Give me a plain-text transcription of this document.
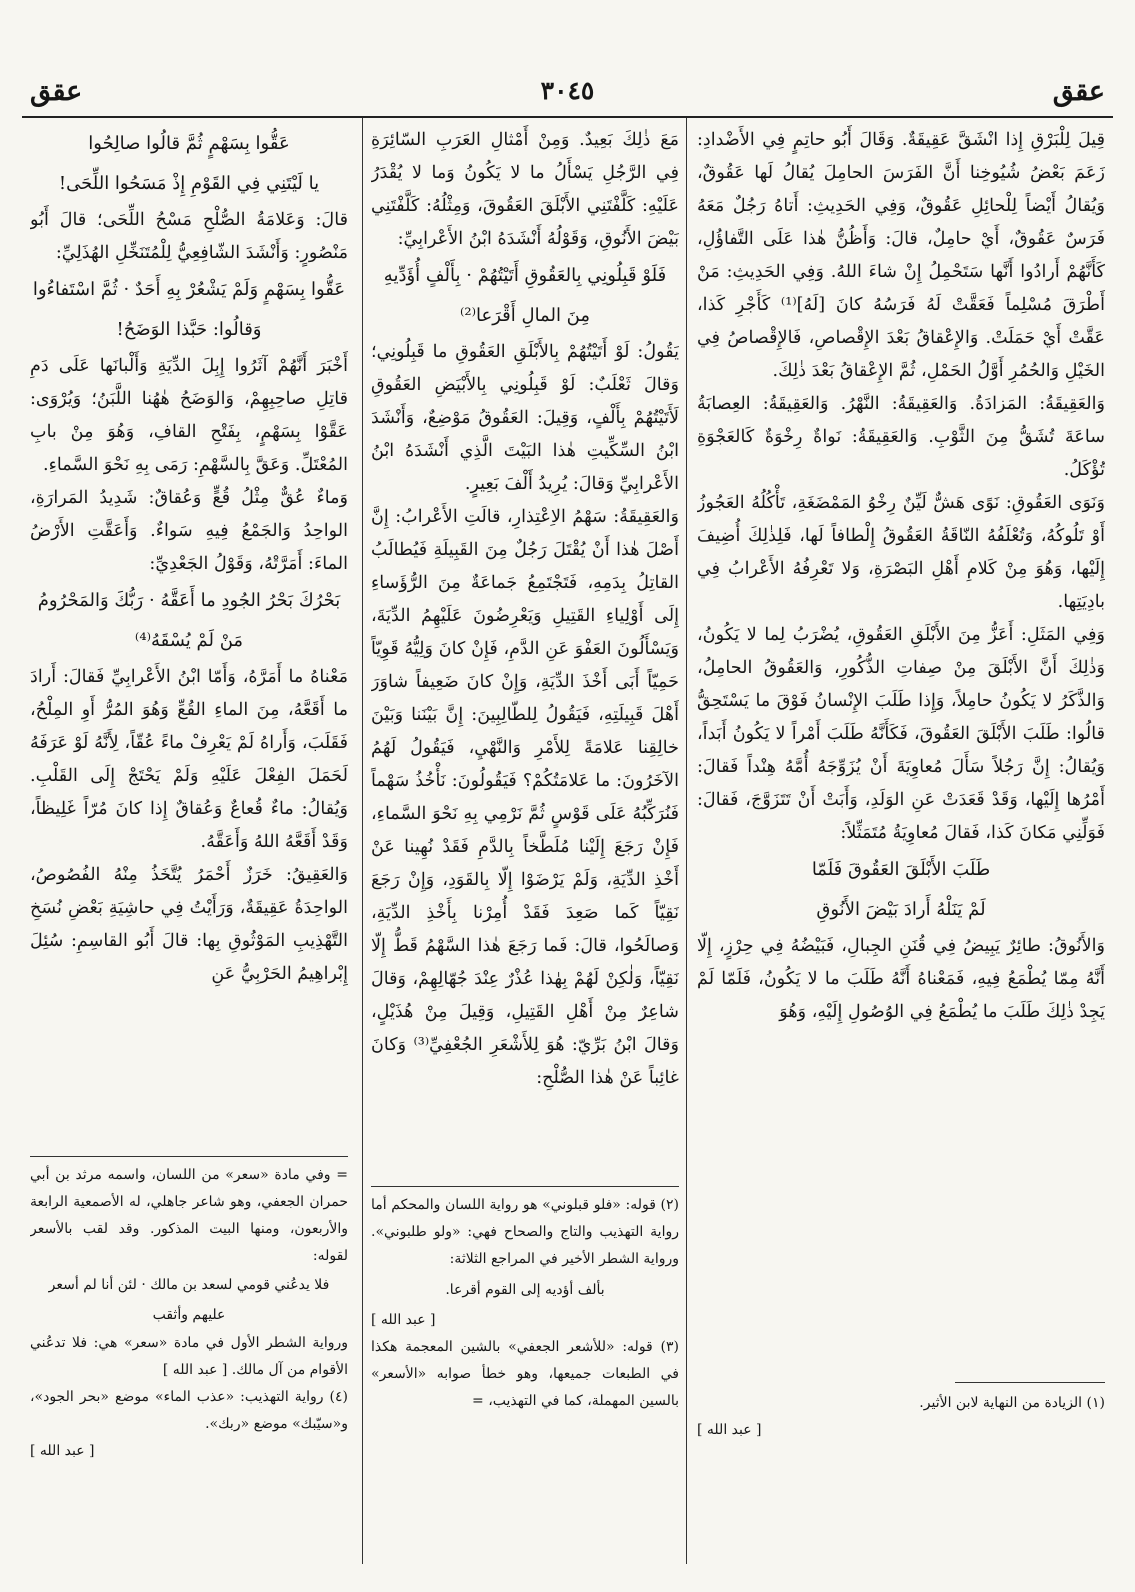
عقق
٣٠٤٥
عقق

قِيلَ لِلْبَرْقِ إِذا انْشَقَّ عَقِيقَةٌ. وَقَالَ أَبُو حاتِمٍ فِي الأَضْدادِ: زَعَمَ بَعْضُ شُيُوخِنا أَنَّ الفَرَسَ الحامِلَ يُقالُ لَها عَقُوقٌ، وَيُقالُ أَيْضاً لِلْحائِلِ عَقُوقٌ، وَفِي الحَدِيثِ: أَتاهُ رَجُلٌ مَعَهُ فَرَسٌ عَقُوقٌ، أَيْ حامِلٌ، قالَ: وَأَظُنُّ هٰذا عَلَى التَّفاؤُلِ، كَأَنَّهُمْ أَرادُوا أَنَّها سَتَحْمِلُ إِنْ شاءَ اللهُ. وَفِي الحَدِيثِ: مَنْ أَطْرَقَ مُسْلِماً فَعَقَّتْ لَهُ فَرَسُهُ كانَ [لَهُ]⁽¹⁾ كَأَجْرِ كَذا، عَقَّتْ أَيْ حَمَلَتْ. وَالإِعْقاقُ بَعْدَ الإِقْصاصِ، فَالإِقْصاصُ فِي الخَيْلِ وَالحُمُرِ أَوَّلُ الحَمْلِ، ثُمَّ الإِعْقاقُ بَعْدَ ذٰلِكَ.

وَالعَقِيقَةُ: المَزادَةُ. وَالعَقِيقَةُ: النَّهْرُ. وَالعَقِيقَةُ: العِصابَةُ ساعَةَ تُشَقُّ مِنَ الثَّوْبِ. وَالعَقِيقَةُ: نَواةٌ رِخْوَةٌ كَالعَجْوَةِ تُؤْكَلُ.

وَنَوَى العَقُوقِ: نَوًى هَشٌّ لَيِّنٌ رِخْوُ المَمْضَغَةِ، تَأْكُلُهُ العَجُوزُ أَوْ تَلُوكُهُ، وَتُعْلَفُهُ النّاقَةُ العَقُوقُ إِلْطافاً لَها، فَلِذٰلِكَ أُضِيفَ إِلَيْها، وَهُوَ مِنْ كَلامِ أَهْلِ البَصْرَةِ، وَلا تَعْرِفُهُ الأَعْرابُ فِي بادِيَتِها.

وَفِي المَثَلِ: أَعَزُّ مِنَ الأَبْلَقِ العَقُوقِ، يُضْرَبُ لِما لا يَكُونُ، وَذٰلِكَ أَنَّ الأَبْلَقَ مِنْ صِفاتِ الذُّكُورِ، وَالعَقُوقُ الحامِلُ، وَالذَّكَرُ لا يَكُونُ حامِلاً، وَإِذا طَلَبَ الإِنْسانُ فَوْقَ ما يَسْتَحِقُّ قالُوا: طَلَبَ الأَبْلَقَ العَقُوقَ، فَكَأَنَّهُ طَلَبَ أَمْراً لا يَكُونُ أَبَداً، وَيُقالُ: إِنَّ رَجُلاً سَأَلَ مُعاوِيَةَ أَنْ يُزَوِّجَهُ أُمَّهُ هِنْداً فَقالَ: أَمْرُها إِلَيْها، وَقَدْ قَعَدَتْ عَنِ الوَلَدِ، وَأَبَتْ أَنْ تَتَزَوَّجَ، فَقالَ: فَوَلِّنِي مَكانَ كَذا، فَقالَ مُعاوِيَةُ مُتَمَثِّلاً:

طَلَبَ الأَبْلَقَ العَقُوقَ فَلَمّا
لَمْ يَنَلْهُ أَرادَ بَيْضَ الأَنُوقِ

وَالأَنُوقُ: طائِرٌ يَبِيضُ فِي قُنَنِ الجِبالِ، فَبَيْضُهُ فِي حِرْزٍ، إِلّا أَنَّهُ مِمّا يُطْمَعُ فِيهِ، فَمَعْناهُ أَنَّهُ طَلَبَ ما لا يَكُونُ، فَلَمّا لَمْ يَجِدْ ذٰلِكَ طَلَبَ ما يُطْمَعُ فِي الوُصُولِ إِلَيْهِ، وَهُوَ

مَعَ ذٰلِكَ بَعِيدٌ. وَمِنْ أَمْثالِ العَرَبِ السّائِرَةِ فِي الرَّجُلِ يَسْأَلُ ما لا يَكُونُ وَما لا يُقْدَرُ عَلَيْهِ: كَلَّفْتَنِي الأَبْلَقَ العَقُوقَ، وَمِثْلُهُ: كَلَّفْتَنِي بَيْضَ الأَنُوقِ، وَقَوْلُهُ أَنْشَدَهُ ابْنُ الأَعْرابِيِّ:

فَلَوْ قَبِلُونِي بِالعَقُوقِ أَتَيْتُهُمْ · بِأَلْفٍ أُؤَدِّيهِ مِنَ المالِ أَقْرَعا⁽²⁾

يَقُولُ: لَوْ أَتَيْتُهُمْ بِالأَبْلَقِ العَقُوقِ ما قَبِلُونِي؛ وَقالَ ثَعْلَبٌ: لَوْ قَبِلُونِي بِالأَبْيَضِ العَقُوقِ لَأَتَيْتُهُمْ بِأَلْفٍ، وَقِيلَ: العَقُوقُ مَوْضِعٌ، وَأَنْشَدَ ابْنُ السِّكِّيتِ هٰذا البَيْتَ الَّذِي أَنْشَدَهُ ابْنُ الأَعْرابِيِّ وَقالَ: يُرِيدُ أَلْفَ بَعِيرٍ.

وَالعَقِيقَةُ: سَهْمُ الاِعْتِذارِ، قالَتِ الأَعْرابُ: إِنَّ أَصْلَ هٰذا أَنْ يُقْتَلَ رَجُلٌ مِنَ القَبِيلَةِ فَيُطالَبُ القاتِلُ بِدَمِهِ، فَتَجْتَمِعُ جَماعَةٌ مِنَ الرُّؤَساءِ إِلَى أَوْلِياءِ القَتِيلِ وَيَعْرِضُونَ عَلَيْهِمُ الدِّيَةَ، وَيَسْأَلُونَ العَفْوَ عَنِ الدَّمِ، فَإِنْ كانَ وَلِيُّهُ قَوِيّاً حَمِيّاً أَبَى أَخْذَ الدِّيَةِ، وَإِنْ كانَ ضَعِيفاً شاوَرَ أَهْلَ قَبِيلَتِهِ، فَيَقُولُ لِلطّالِبِينَ: إِنَّ بَيْنَنا وَبَيْنَ خالِقِنا عَلامَةً لِلأَمْرِ وَالنَّهْيِ، فَيَقُولُ لَهُمُ الآخَرُونَ: ما عَلامَتُكُمْ؟ فَيَقُولُونَ: نَأْخُذُ سَهْماً فَنُرَكِّبُهُ عَلَى قَوْسٍ ثُمَّ نَرْمِي بِهِ نَحْوَ السَّماءِ، فَإِنْ رَجَعَ إِلَيْنا مُلَطَّخاً بِالدَّمِ فَقَدْ نُهِينا عَنْ أَخْذِ الدِّيَةِ، وَلَمْ يَرْضَوْا إِلّا بِالقَوَدِ، وَإِنْ رَجَعَ نَقِيّاً كَما صَعِدَ فَقَدْ أُمِرْنا بِأَخْذِ الدِّيَةِ، وَصالَحُوا، قالَ: فَما رَجَعَ هٰذا السَّهْمُ قَطُّ إِلّا نَقِيّاً، وَلٰكِنْ لَهُمْ بِهٰذا عُذْرٌ عِنْدَ جُهّالِهِمْ، وَقالَ شاعِرٌ مِنْ أَهْلِ القَتِيلِ، وَقِيلَ مِنْ هُذَيْلٍ، وَقالَ ابْنُ بَرِّيّ: هُوَ لِلأَشْعَرِ الجُعْفِيِّ⁽³⁾ وَكانَ غائِباً عَنْ هٰذا الصُّلْحِ:

عَقُّوا بِسَهْمٍ ثُمَّ قالُوا صالِحُوا

يا لَيْتَنِي فِي القَوْمِ إِذْ مَسَحُوا اللِّحَى!

قالَ: وَعَلامَةُ الصُّلْحِ مَسْحُ اللِّحَى؛ قالَ أَبُو مَنْصُورٍ: وَأَنْشَدَ الشّافِعِيُّ لِلْمُتَنَخِّلِ الهُذَلِيِّ:

عَقُّوا بِسَهْمٍ وَلَمْ يَشْعُرْ بِهِ أَحَدٌ · ثُمَّ اسْتَفاءُوا وَقالُوا: حَبَّذا الوَضَحُ!

أَخْبَرَ أَنَّهُمْ آثَرُوا إِبِلَ الدِّيَةِ وَأَلْبانَها عَلَى دَمِ قاتِلِ صاحِبِهِمْ، وَالوَضَحُ هٰهُنا اللَّبَنُ؛ وَيُرْوَى: عَقَّوْا بِسَهْمٍ، بِفَتْحِ القافِ، وَهُوَ مِنْ بابِ المُعْتَلِّ. وَعَقَّ بِالسَّهْمِ: رَمَى بِهِ نَحْوَ السَّماءِ.

وَماءٌ عُقٌّ مِثْلُ قُعٍّ وَعُقاقٌ: شَدِيدُ المَرارَةِ، الواحِدُ وَالجَمْعُ فِيهِ سَواءٌ. وَأَعَقَّتِ الأَرْضُ الماءَ: أَمَرَّتْهُ، وَقَوْلُ الجَعْدِيِّ:

بَحْرُكَ بَحْرُ الجُودِ ما أَعَقَّهُ · رَبُّكَ وَالمَحْرُومُ مَنْ لَمْ يُسْقَهُ⁽⁴⁾

مَعْناهُ ما أَمَرَّهُ، وَأَمّا ابْنُ الأَعْرابِيِّ فَقالَ: أَرادَ ما أَقَعَّهُ، مِنَ الماءِ القُعِّ وَهُوَ المُرُّ أَوِ المِلْحُ، فَقَلَبَ، وَأَراهُ لَمْ يَعْرِفْ ماءً عُقّاً، لِأَنَّهُ لَوْ عَرَفَهُ لَحَمَلَ الفِعْلَ عَلَيْهِ وَلَمْ يَحْتَجْ إِلَى القَلْبِ. وَيُقالُ: ماءٌ قُعاعٌ وَعُقاقٌ إِذا كانَ مُرّاً غَلِيظاً، وَقَدْ أَقَعَّهُ اللهُ وَأَعَقَّهُ.

وَالعَقِيقُ: خَرَزٌ أَحْمَرُ يُتَّخَذُ مِنْهُ الفُصُوصُ، الواحِدَةُ عَقِيقَةٌ، وَرَأَيْتُ فِي حاشِيَةِ بَعْضِ نُسَخِ التَّهْذِيبِ المَوْثُوقِ بِها: قالَ أَبُو القاسِمِ: سُئِلَ إِبْراهِيمُ الحَرْبِيُّ عَنِ

(١) الزيادة من النهاية لابن الأثير.

[ عبد الله ]

(٢) قوله: «فلو قبلوني» هو رواية اللسان والمحكم أما رواية التهذيب والتاج والصحاح فهي: «ولو طلبوني». ورواية الشطر الأخير في المراجع الثلاثة:

بألف أؤديه إلى القوم أقرعا.

[ عبد الله ]

(٣) قوله: «للأشعر الجعفي» بالشين المعجمة هكذا في الطبعات جميعها، وهو خطأ صوابه «الأسعر» بالسين المهملة، كما في التهذيب، =

= وفي مادة «سعر» من اللسان، واسمه مرثد بن أبي حمران الجعفي، وهو شاعر جاهلي، له الأصمعية الرابعة والأربعون، ومنها البيت المذكور. وقد لقب بالأسعر لقوله:

فلا يدعُني قومي لسعد بن مالك · لئن أنا لم أسعر عليهم وأثقب

ورواية الشطر الأول في مادة «سعر» هي: فلا تدعُني الأقوام من آل مالك. [ عبد الله ]

(٤) رواية التهذيب: «عذب الماء» موضع «بحر الجود»، و«سيّبك» موضع «ربك».

[ عبد الله ]
